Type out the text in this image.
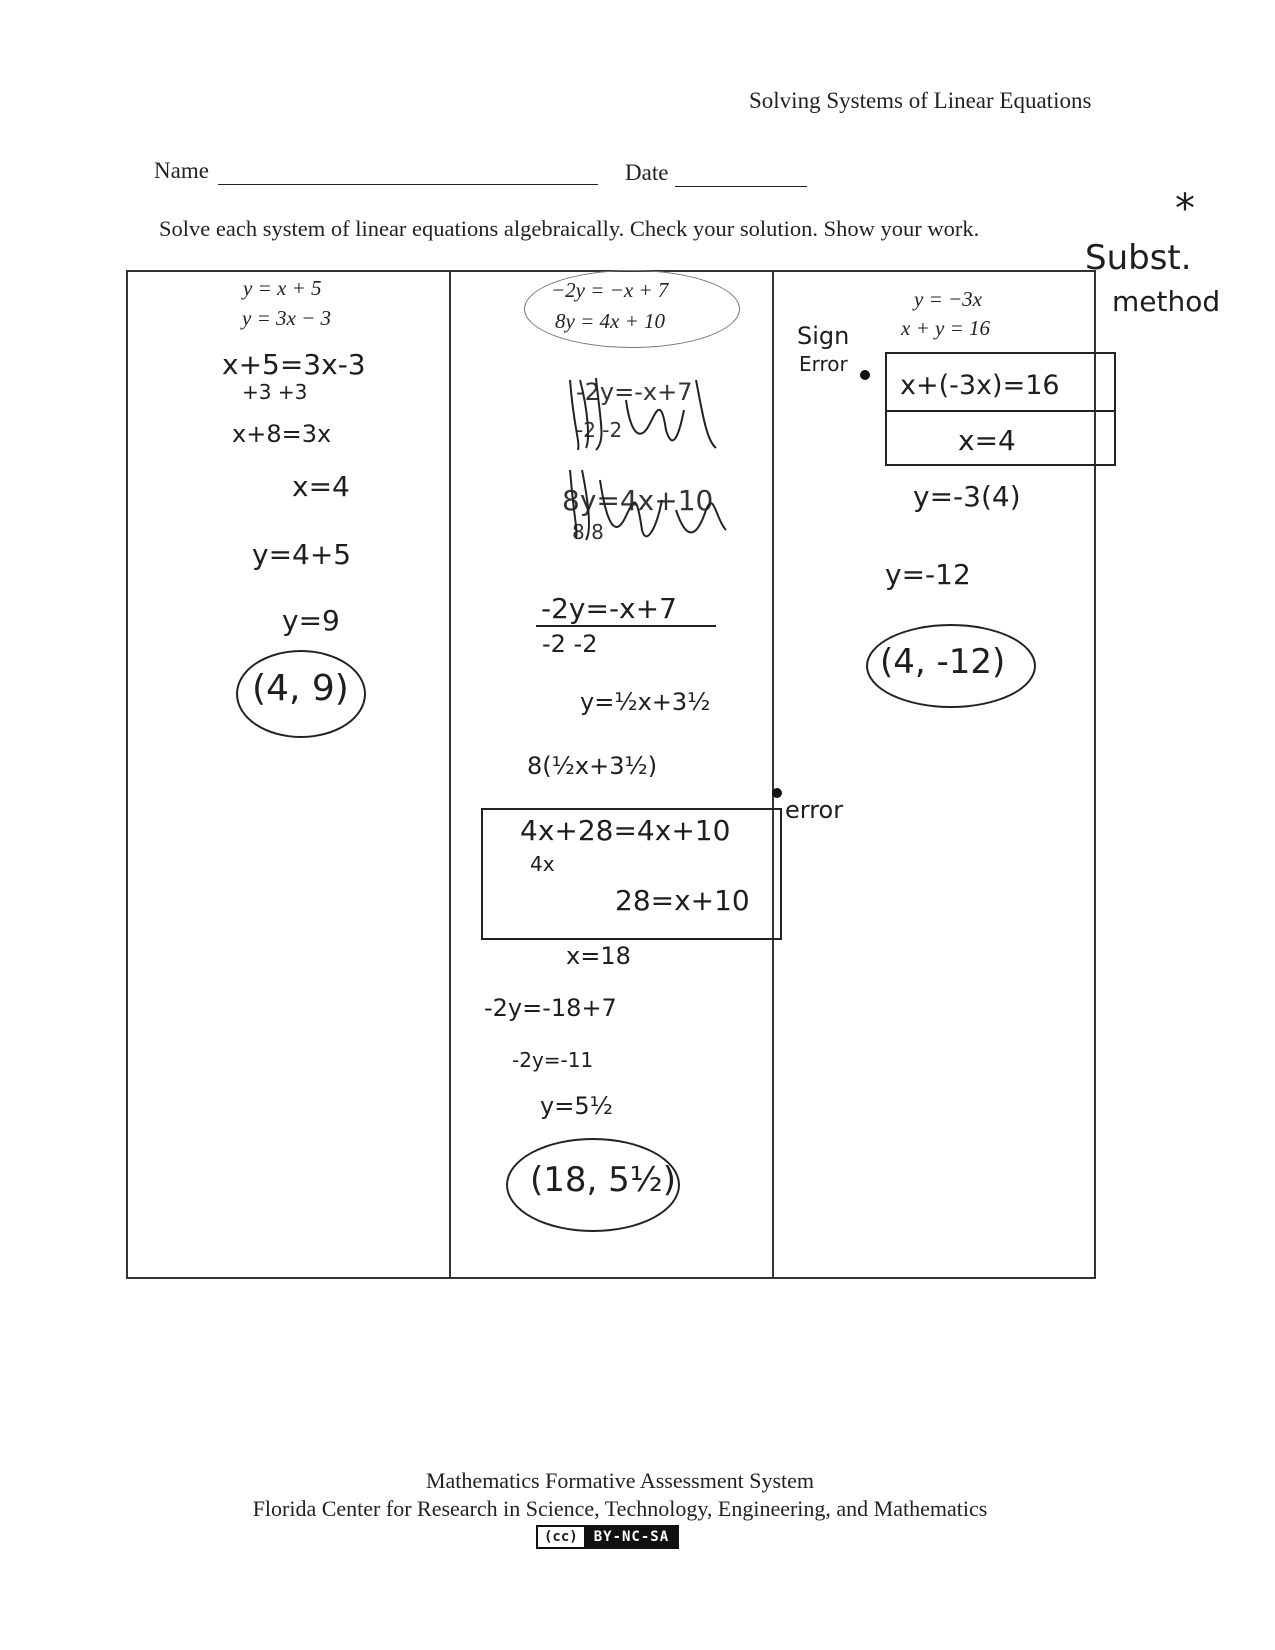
Solving Systems of Linear Equations
Name	Date
Solve each system of linear equations algebraically. Check your solution. Show your work.	*
Subst.
method
y = x + 5
y = 3x − 3
x+5=3x-3
+3 +3
x+8=3x
x=4
y=4+5
y=9
(4, 9)
−2y = −x + 7
8y = 4x + 10
-2y=-x+7
-2 -2
8y=4x+10
8 8
-2y=-x+7
-2 -2
y=½x+3½
8(½x+3½)
4x+28=4x+10
4x
28=x+10
error
x=18
-2y=-18+7
-2y=-11
y=5½
(18, 5½)
y = −3x
x + y = 16
Sign
Error
x+(-3x)=16
x=4
y=-3(4)
y=-12
(4, -12)
Mathematics Formative Assessment System
Florida Center for Research in Science, Technology, Engineering, and Mathematics
(cc)	BY-NC-SA
